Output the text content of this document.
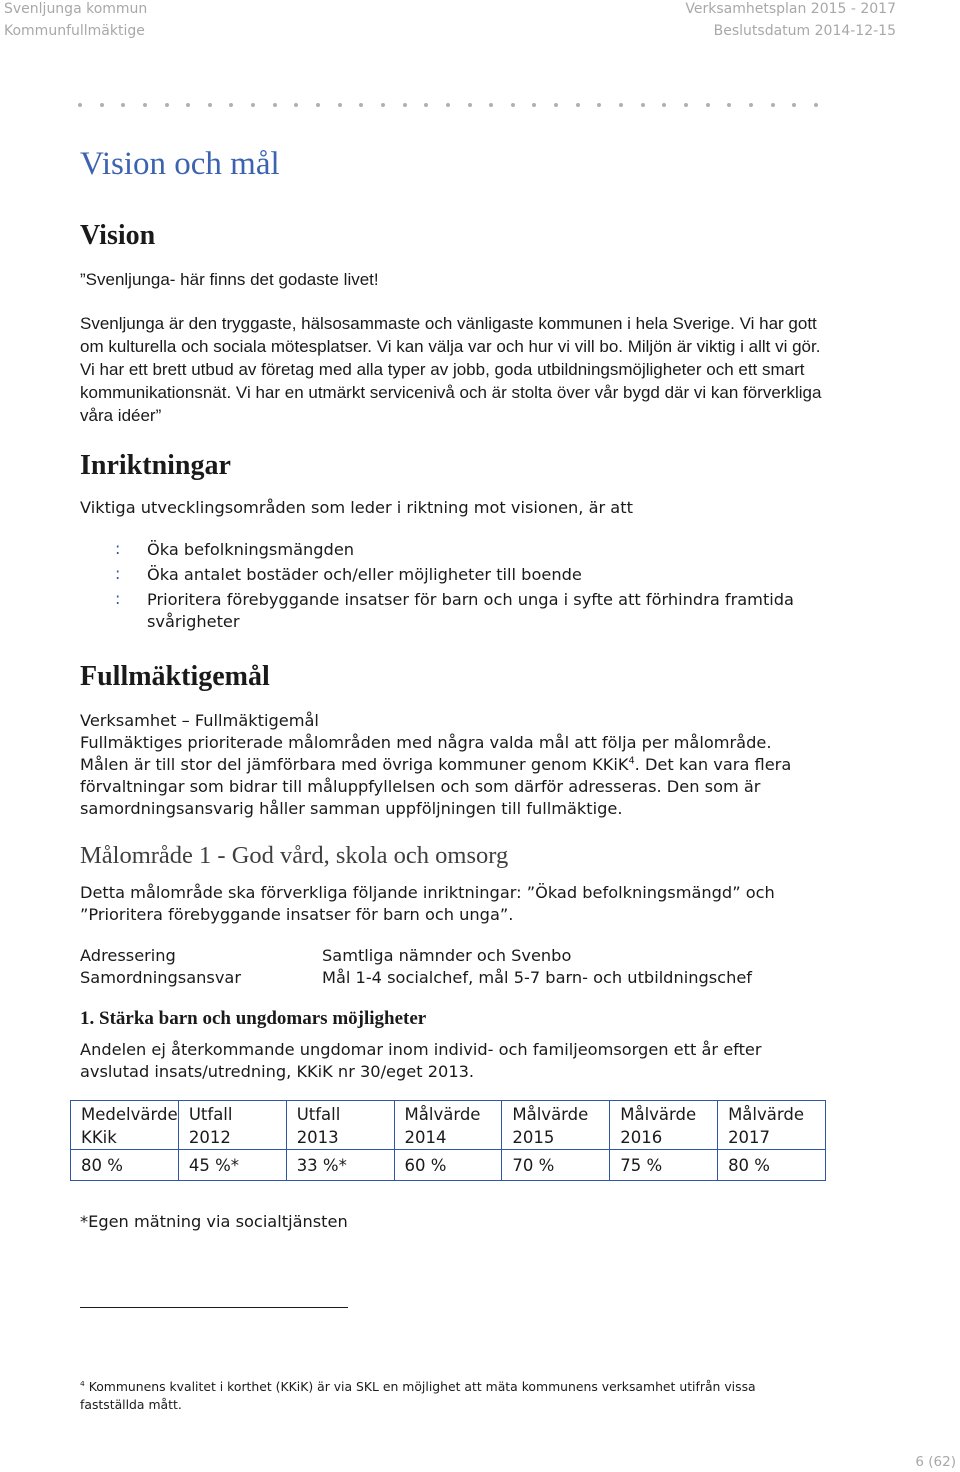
Svenljunga kommun
Kommunfullmäktige
Verksamhetsplan 2015 - 2017
Beslutsdatum 2014-12-15
Vision och mål
Vision
”Svenljunga- här finns det godaste livet!
Svenljunga är den tryggaste, hälsosammaste och vänligaste kommunen i hela Sverige. Vi har gott om kulturella och sociala mötesplatser. Vi kan välja var och hur vi vill bo. Miljön är viktig i allt vi gör. Vi har ett brett utbud av företag med alla typer av jobb, goda utbildningsmöjligheter och ett smart kommunikationsnät. Vi har en utmärkt servicenivå och är stolta över vår bygd där vi kan förverkliga våra idéer”
Inriktningar
Viktiga utvecklingsområden som leder i riktning mot visionen, är att
: Öka befolkningsmängden
: Öka antalet bostäder och/eller möjligheter till boende
: Prioritera förebyggande insatser för barn och unga i syfte att förhindra framtida svårigheter
Fullmäktigemål
Verksamhet – Fullmäktigemål
Fullmäktiges prioriterade målområden med några valda mål att följa per målområde.
Målen är till stor del jämförbara med övriga kommuner genom KKiK$^4$. Det kan vara flera förvaltningar som bidrar till måluppfyllelsen och som därför adresseras. Den som är samordningsansvarig håller samman uppföljningen till fullmäktige.
Målområde 1 - God vård, skola och omsorg
Detta målområde ska förverkliga följande inriktningar: ”Ökad befolkningsmängd” och ”Prioritera förebyggande insatser för barn och unga”.
Adressering	Samtliga nämnder och Svenbo
Samordningsansvar	Mål 1-4 socialchef, mål 5-7 barn- och utbildningschef
1. Stärka barn och ungdomars möjligheter
Andelen ej återkommande ungdomar inom individ- och familjeomsorgen ett år efter avslutad insats/utredning, KKiK nr 30/eget 2013.
Medelvärde KKik	Utfall 2012	Utfall 2013	Målvärde 2014	Målvärde 2015	Målvärde 2016	Målvärde 2017
80 %	45 %*	33 %*	60 %	70 %	75 %	80 %
*Egen mätning via socialtjänsten
$^4$ Kommunens kvalitet i korthet (KKiK) är via SKL en möjlighet att mäta kommunens verksamhet utifrån vissa fastställda mått.
6 (62)
